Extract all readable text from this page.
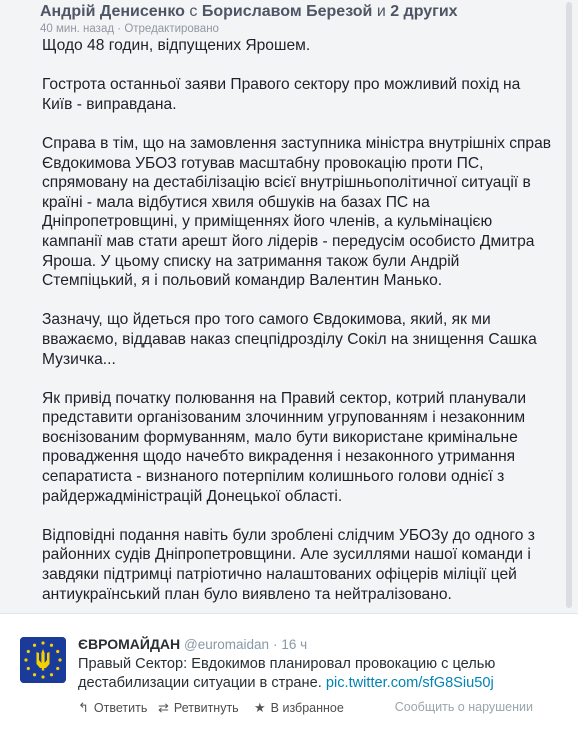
Андрій Денисенко с Бориславом Березой и 2 других
40 мин. назад · Отредактировано

Щодо 48 годин, відпущених Ярошем.

Гострота останньої заяви Правого сектору про можливий похід на
Київ - виправдана.

Справа в тім, що на замовлення заступника міністра внутрішніх справ
Євдокимова УБОЗ готував масштабну провокацію проти ПС,
спрямовану на дестабілізацію всієї внутрішньополітичної ситуації в
країні - мала відбутися хвиля обшуків на базах ПС на
Дніпропетровщині, у приміщеннях його членів, а кульмінацією
кампанії мав стати арешт його лідерів - передусім особисто Дмитра
Яроша. У цьому списку на затримання також були Андрій
Стемпіцький, я і польовий командир Валентин Манько.

Зазначу, що йдеться про того самого Євдокимова, який, як ми
вважаємо, віддавав наказ спецпідрозділу Сокіл на знищення Сашка
Музичка...

Як привід початку полювання на Правий сектор, котрий планували
представити організованим злочинним угрупованням і незаконним
воєнізованим формуванням, мало бути використане кримінальне
провадження щодо начебто викрадення і незаконного утримання
сепаратиста - визнаного потерпілим колишнього голови однієї з
райдержадміністрацій Донецької області.

Відповідні подання навіть були зроблені слідчим УБОЗу до одного з
районних судів Дніпропетровщини. Але зусиллями нашої команди і
завдяки підтримці патріотично налаштованих офіцерів міліції цей
антиукраїнський план було виявлено та нейтралізовано.

ЄВРОМАЙДАН @euromaidan · 16 ч
Правый Сектор: Евдокимов планировал провокацию с целью
дестабилизации ситуации в стране. pic.twitter.com/sfG8Siu50j
↰ Ответить ⇄ Ретвитнуть ★ В избранное	Сообщить о нарушении
